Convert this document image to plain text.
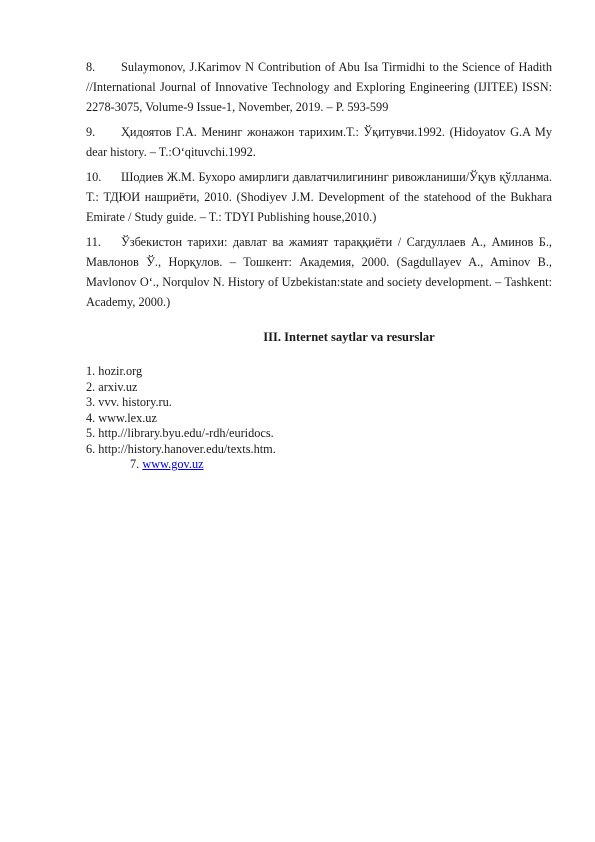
8. Sulaymonov, J.Karimov N Contribution of Abu Isa Tirmidhi to the Science of Hadith //International Journal of Innovative Technology and Exploring Engineering (IJITEE) ISSN: 2278-3075, Volume-9 Issue-1, November, 2019. – P. 593-599

9. Ҳидоятов Г.А. Менинг жонажон тарихим.Т.: Ўқитувчи.1992. (Hidoyatov G.A My dear history. – T.:O‘qituvchi.1992.

10. Шодиев Ж.М. Бухоро амирлиги давлатчилигининг ривожланиши/Ўқув қўлланма. Т.: ТДЮИ нашриёти, 2010. (Shodiyev J.M. Development of the statehood of the Bukhara Emirate / Study guide. – T.: TDYI Publishing house,2010.)

11. Ўзбекистон тарихи: давлат ва жамият тараққиёти / Сагдуллаев А., Аминов Б., Мавлонов Ў., Норқулов. – Тошкент: Академия, 2000. (Sagdullayev A., Aminov B., Mavlonov O‘., Norqulov N. History of Uzbekistan:state and society development. – Tashkent: Academy, 2000.)

III. Internet saytlar va resurslar
1. hozir.org
2. arxiv.uz
3. vvv. history.ru.
4. www.lex.uz
5. http.//library.byu.edu/-rdh/euridocs.
6. http://history.hanover.edu/texts.htm.
7. www.gov.uz
